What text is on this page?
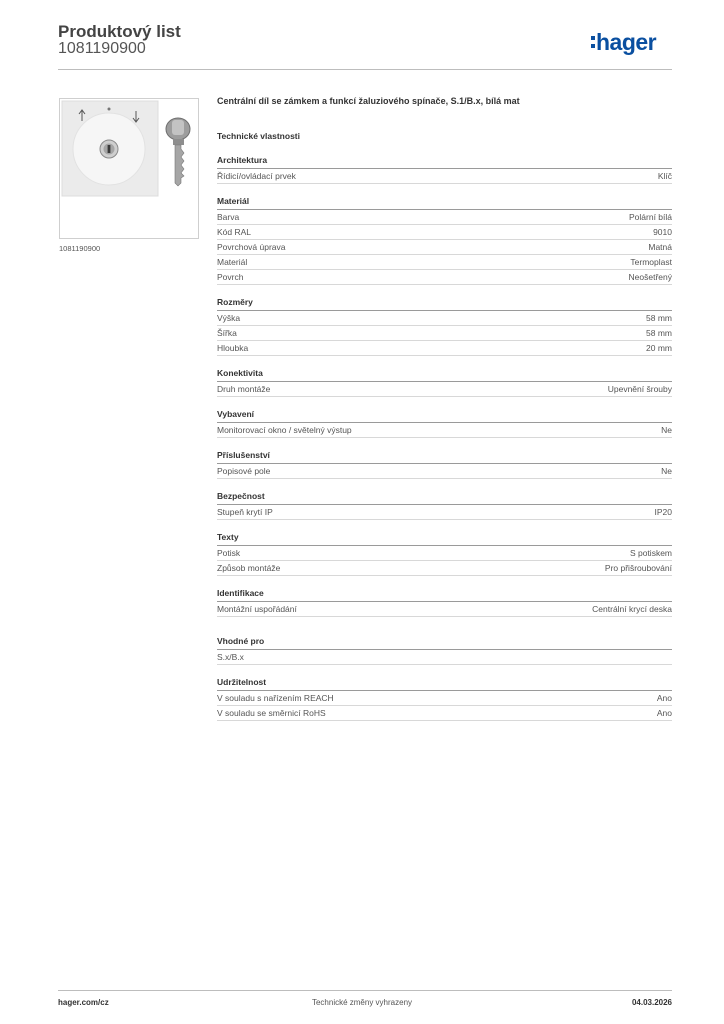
Produktový list
1081190900	hager
1081190900
Centrální díl se zámkem a funkcí žaluziového spínače, S.1/B.x, bílá mat
Technické vlastnosti
Architektura
Řídicí/ovládací prvek	Klíč
Materiál
Barva	Polární bílá
Kód RAL	9010
Povrchová úprava	Matná
Materiál	Termoplast
Povrch	Neošetřený
Rozměry
Výška	58 mm
Šířka	58 mm
Hloubka	20 mm
Konektivita
Druh montáže	Upevnění šrouby
Vybavení
Monitorovací okno / světelný výstup	Ne
Příslušenství
Popisové pole	Ne
Bezpečnost
Stupeň krytí IP	IP20
Texty
Potisk	S potiskem
Způsob montáže	Pro přišroubování
Identifikace
Montážní uspořádání	Centrální krycí deska
Vhodné pro
S.x/B.x
Udržitelnost
V souladu s nařízením REACH	Ano
V souladu se směrnicí RoHS	Ano
hager.com/cz	Technické změny vyhrazeny	04.03.2026
